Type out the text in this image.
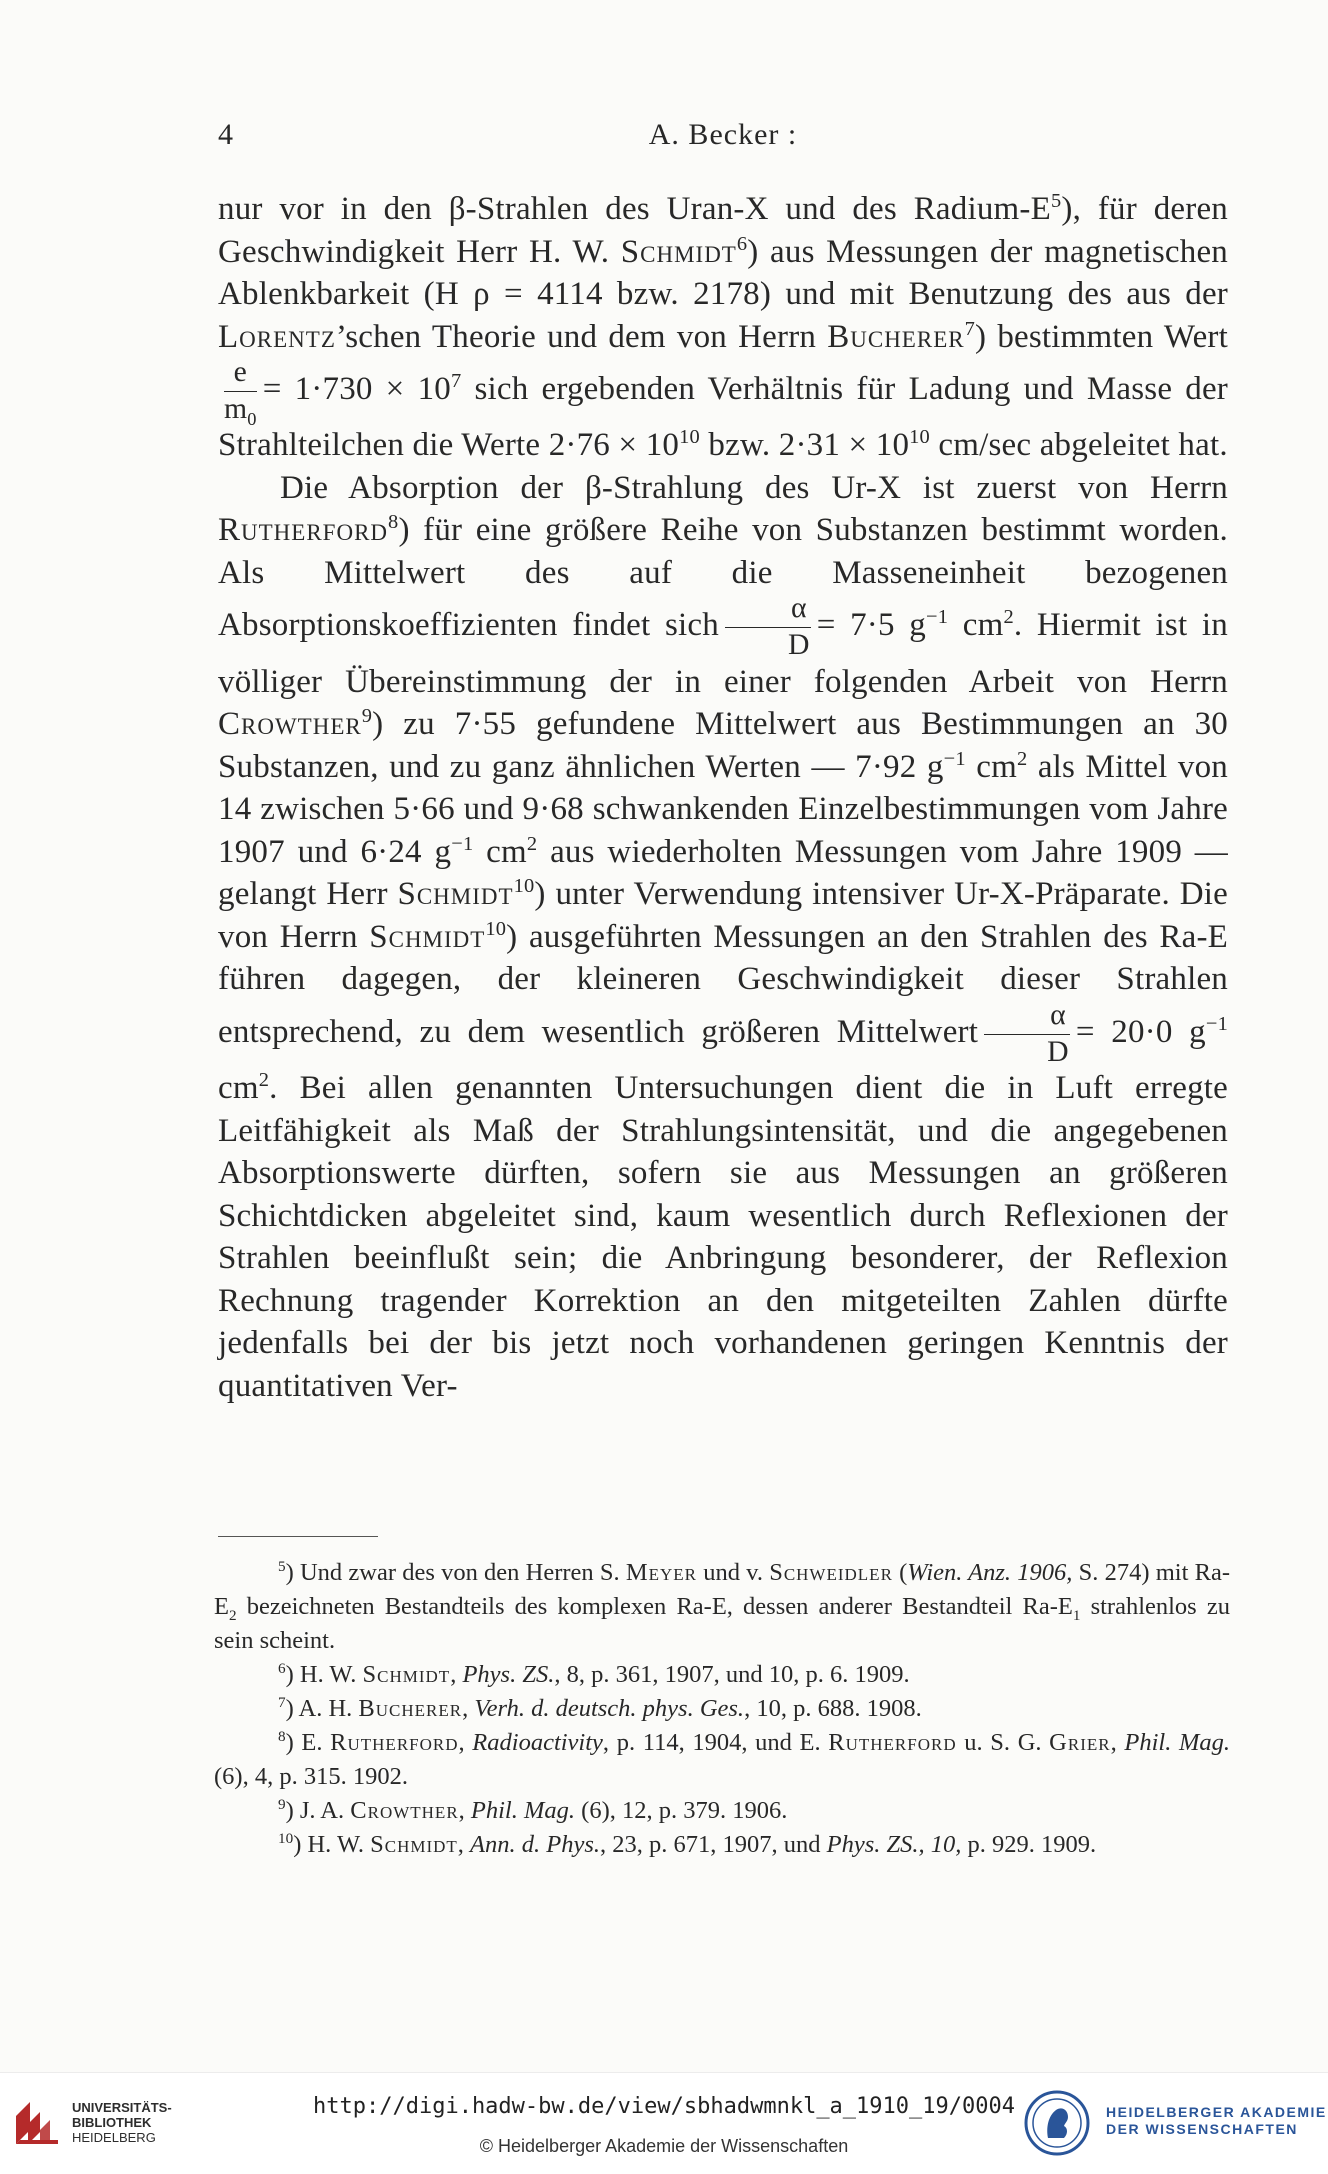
4	A. Becker :

nur vor in den β-Strahlen des Uran-X und des Radium-$E^5$), für deren Geschwindigkeit Herr H. W. Schmidt$^6$) aus Messungen der magnetischen Ablenkbarkeit (H ρ = 4114 bzw. 2178) und mit Benutzung des aus der Lorentz’schen Theorie und dem von Herrn Bucherer$^7$) bestimmten Wert
$\frac{e}{m_0} = 1\cdot 730 \times 10^7$ sich ergebenden Verhältnis für Ladung und Masse der Strahlteilchen die Werte $2\cdot 76 \times 10^{10}$ bzw. $2\cdot 31 \times 10^{10}$ cm/sec abgeleitet hat.

Die Absorption der β-Strahlung des Ur-X ist zuerst von Herrn Rutherford$^8$) für eine größere Reihe von Substanzen bestimmt worden. Als Mittelwert des auf die Masseneinheit bezogenen Absorptionskoeffizienten findet sich $\frac{\alpha}{D} = 7\cdot 5$ $g^{-1}$ $cm^2$. Hiermit ist in völliger Übereinstimmung der in einer folgenden Arbeit von Herrn Crowther$^9$) zu 7·55 gefundene Mittelwert aus Bestimmungen an 30 Substanzen, und zu ganz ähnlichen Werten — 7·92 $g^{-1}$ $cm^2$ als Mittel von 14 zwischen 5·66 und 9·68 schwankenden Einzelbestimmungen vom Jahre 1907 und 6·24 $g^{-1}$ $cm^2$ aus wiederholten Messungen vom Jahre 1909 — gelangt Herr Schmidt$^{10}$) unter Verwendung intensiver Ur-X-Präparate. Die von Herrn Schmidt$^{10}$) ausgeführten Messungen an den Strahlen des Ra-E führen dagegen, der kleineren Geschwindigkeit dieser Strahlen entsprechend, zu dem wesentlich größeren Mittelwert $\frac{\alpha}{D} = 20\cdot 0$ $g^{-1}$ $cm^2$. Bei allen genannten Untersuchungen dient die in Luft erregte Leitfähigkeit als Maß der Strahlungsintensität, und die angegebenen Absorptionswerte dürften, sofern sie aus Messungen an größeren Schichtdicken abgeleitet sind, kaum wesentlich durch Reflexionen der Strahlen beeinflußt sein; die Anbringung besonderer, der Reflexion Rechnung tragender Korrektion an den mitgeteilten Zahlen dürfte jedenfalls bei der bis jetzt noch vorhandenen geringen Kenntnis der quantitativen Ver-

$^5$) Und zwar des von den Herren S. Meyer und v. Schweidler (Wien. Anz. 1906, S. 274) mit $Ra-E_2$ bezeichneten Bestandteils des komplexen Ra-E, dessen anderer Bestandteil $Ra-E_1$ strahlenlos zu sein scheint.

$^6$) H. W. Schmidt, Phys. ZS., 8, p. 361, 1907, und 10, p. 6. 1909.

$^7$) A. H. Bucherer, Verh. d. deutsch. phys. Ges., 10, p. 688. 1908.

$^8$) E. Rutherford, Radioactivity, p. 114, 1904, und E. Rutherford u. S. G. Grier, Phil. Mag. (6), 4, p. 315. 1902.

$^9$) J. A. Crowther, Phil. Mag. (6), 12, p. 379. 1906.

$^{10}$) H. W. Schmidt, Ann. d. Phys., 23, p. 671, 1907, und Phys. ZS., 10, p. 929. 1909.

UNIVERSITÄTS-
BIBLIOTHEK
HEIDELBERG
http://digi.hadw-bw.de/view/sbhadwmnkl_a_1910_19/0004
© Heidelberger Akademie der Wissenschaften
HEIDELBERGER AKADEMIE
DER WISSENSCHAFTEN
